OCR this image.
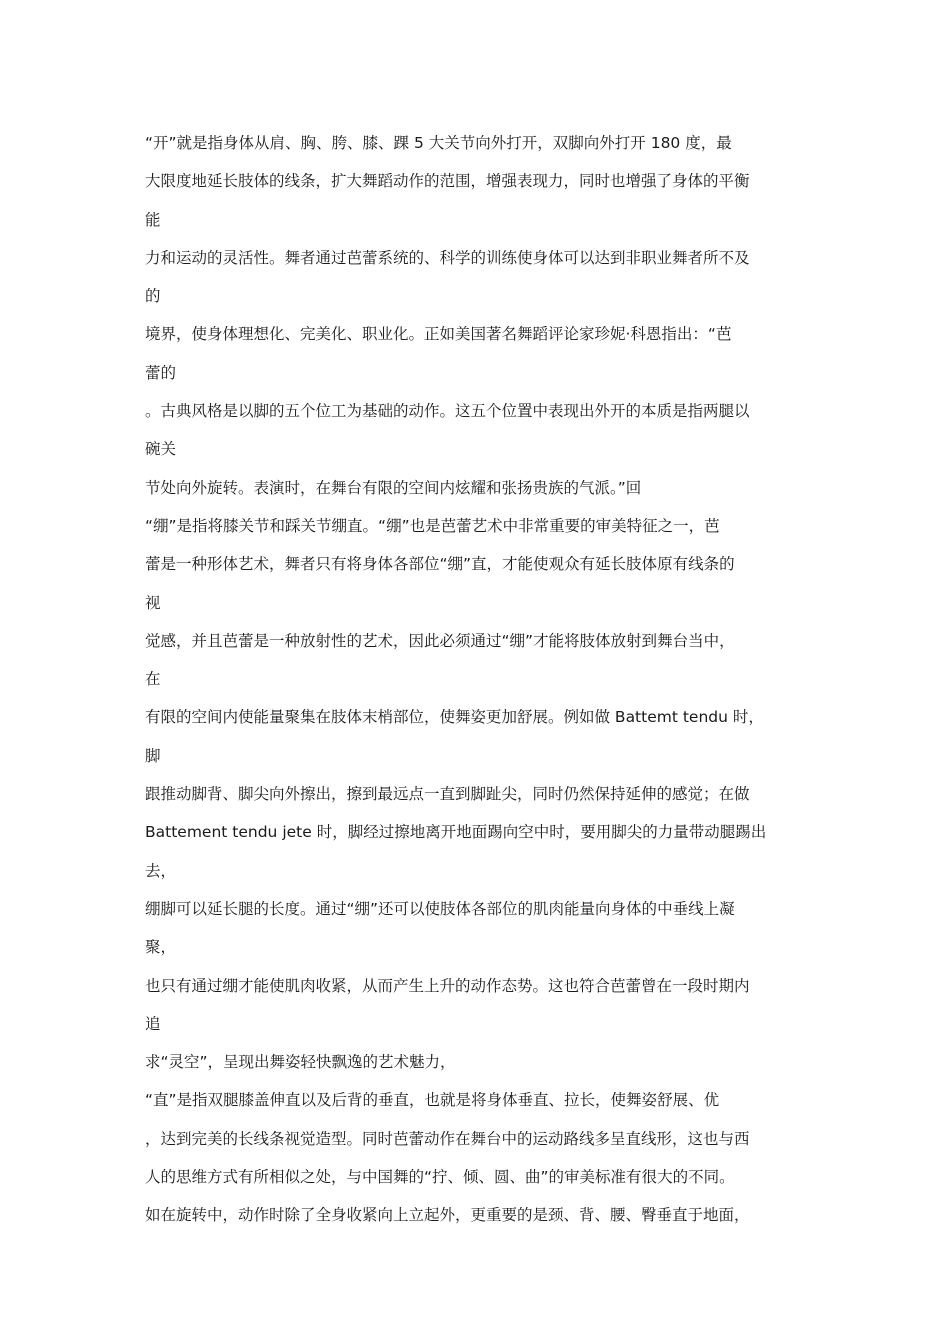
“开”就是指身体从肩、胸、胯、膝、踝 5 大关节向外打开，双脚向外打开 180 度，最
大限度地延长肢体的线条，扩大舞蹈动作的范围，增强表现力，同时也增强了身体的平衡
能
力和运动的灵活性。舞者通过芭蕾系统的、科学的训练使身体可以达到非职业舞者所不及
的
境界，使身体理想化、完美化、职业化。正如美国著名舞蹈评论家珍妮·科恩指出：“芭
蕾的
。古典风格是以脚的五个位工为基础的动作。这五个位置中表现出外开的本质是指两腿以
碗关
节处向外旋转。表演时，在舞台有限的空间内炫耀和张扬贵族的气派。”回
“绷”是指将膝关节和踩关节绷直。“绷”也是芭蕾艺术中非常重要的审美特征之一，芭
蕾是一种形体艺术，舞者只有将身体各部位“绷”直，才能使观众有延长肢体原有线条的
视
觉感，并且芭蕾是一种放射性的艺术，因此必须通过“绷”才能将肢体放射到舞台当中，
在
有限的空间内使能量聚集在肢体末梢部位，使舞姿更加舒展。例如做 Battemt tendu 时，
脚
跟推动脚背、脚尖向外擦出，擦到最远点一直到脚趾尖，同时仍然保持延伸的感觉；在做
Battement tendu jete 时，脚经过擦地离开地面踢向空中时，要用脚尖的力量带动腿踢出
去，
绷脚可以延长腿的长度。通过“绷”还可以使肢体各部位的肌肉能量向身体的中垂线上凝
聚，
也只有通过绷才能使肌肉收紧，从而产生上升的动作态势。这也符合芭蕾曾在一段时期内
追
求“灵空”，呈现出舞姿轻快飘逸的艺术魅力，
“直”是指双腿膝盖伸直以及后背的垂直，也就是将身体垂直、拉长，使舞姿舒展、优
，达到完美的长线条视觉造型。同时芭蕾动作在舞台中的运动路线多呈直线形，这也与西
人的思维方式有所相似之处，与中国舞的“拧、倾、圆、曲”的审美标准有很大的不同。
如在旋转中，动作时除了全身收紧向上立起外，更重要的是颈、背、腰、臀垂直于地面，
